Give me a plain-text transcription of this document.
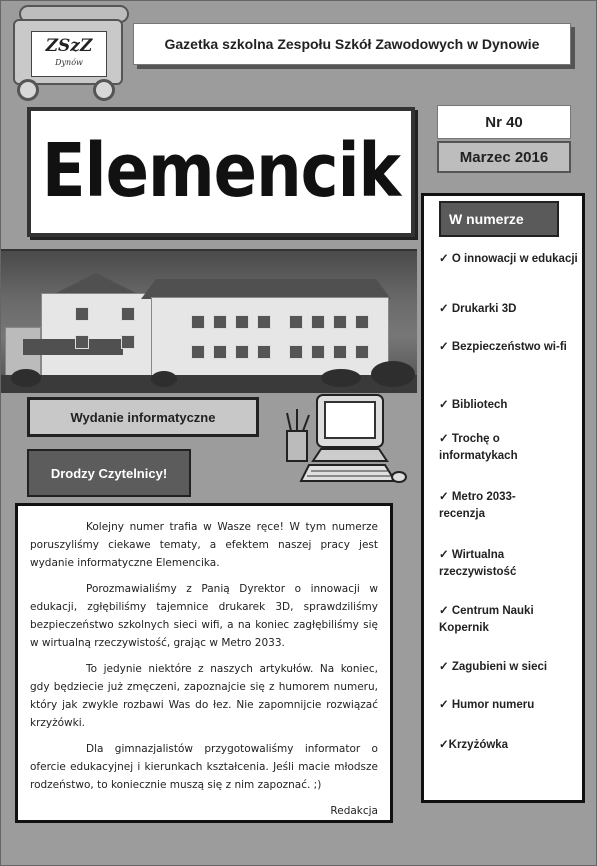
ZSzZ
Dynów
Gazetka szkolna Zespołu Szkół Zawodowych w Dynowie
Elemencik
Nr 40
Marzec 2016
W numerze
✓ O innowacji w edukacji
✓ Drukarki 3D
✓ Bezpieczeństwo wi-fi
✓ Bibliotech
✓ Trochę o informatykach
✓ Metro 2033- recenzja
✓ Wirtualna rzeczywistość
✓ Centrum Nauki Kopernik
✓ Zagubieni w sieci
✓ Humor numeru
✓Krzyżówka
Wydanie informatyczne
Drodzy Czytelnicy!

Kolejny numer trafia w Wasze ręce! W tym numerze poruszyliśmy ciekawe tematy, a efektem naszej pracy jest wydanie informatyczne Elemencika.

Porozmawialiśmy z Panią Dyrektor o innowacji w edukacji, zgłębiliśmy tajemnice drukarek 3D, sprawdziliśmy bezpieczeństwo szkolnych sieci wifi, a na koniec zagłębiliśmy się w wirtualną rzeczywistość, grając w Metro 2033.

To jedynie niektóre z naszych artykułów. Na koniec, gdy będziecie już zmęczeni, zapoznajcie się z humorem numeru, który jak zwykle rozbawi Was do łez. Nie zapomnijcie rozwiązać krzyżówki.

Dla gimnazjalistów przygotowaliśmy informator o ofercie edukacyjnej i kierunkach kształcenia. Jeśli macie młodsze rodzeństwo, to koniecznie muszą się z nim zapoznać. ;)

Redakcja
